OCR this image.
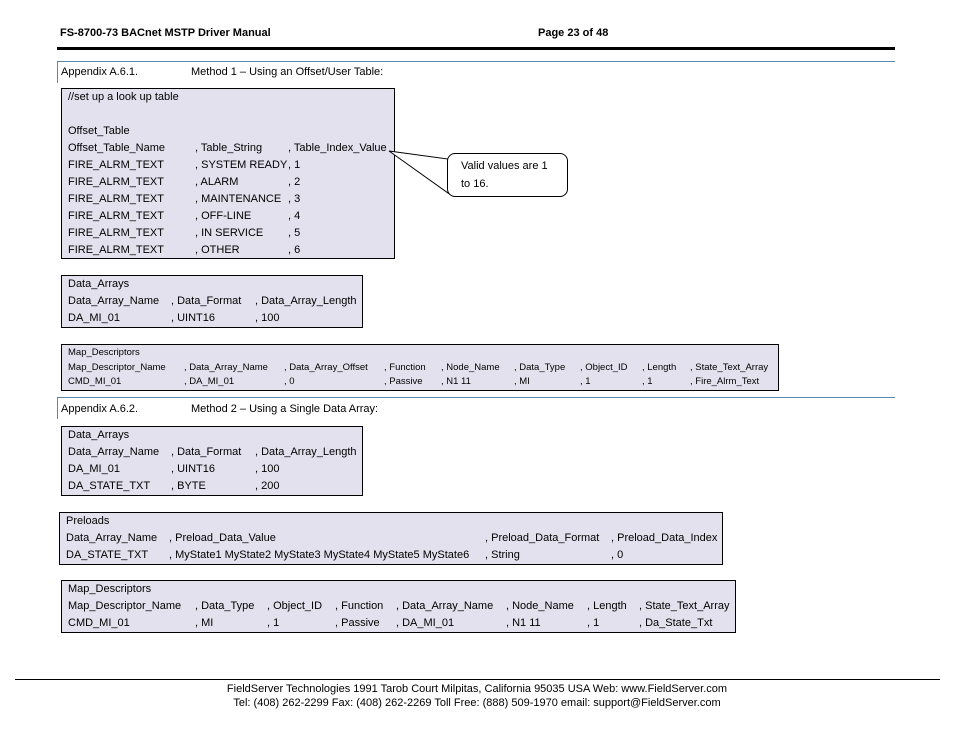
FS-8700-73 BACnet MSTP Driver Manual	Page 23 of 48
Appendix A.6.1.	Method 1 – Using an Offset/User Table:
//set up a look up table
Offset_Table
Offset_Table_Name	, Table_String , Table_Index_Value
FIRE_ALRM_TEXT	, SYSTEM READY , 1
FIRE_ALRM_TEXT	, ALARM	, 2
FIRE_ALRM_TEXT	, MAINTENANCE , 3
FIRE_ALRM_TEXT	, OFF-LINE	, 4
FIRE_ALRM_TEXT	, IN SERVICE , 5
FIRE_ALRM_TEXT	, OTHER	, 6
Valid values are 1
to 16.
Data_Arrays
Data_Array_Name , Data_Format , Data_Array_Length
DA_MI_01	, UINT16	, 100
Map_Descriptors
Map_Descriptor_Name , Data_Array_Name , Data_Array_Offset , Function , Node_Name , Data_Type , Object_ID , Length , State_Text_Array
CMD_MI_01	, DA_MI_01	, 0	, Passive , N1 11	, MI	, 1	, 1	, Fire_Alrm_Text
Appendix A.6.2.	Method 2 – Using a Single Data Array:
Data_Arrays
Data_Array_Name , Data_Format , Data_Array_Length
DA_MI_01	, UINT16	, 100
DA_STATE_TXT , BYTE	, 200
Preloads
Data_Array_Name , Preload_Data_Value	, Preload_Data_Format , Preload_Data_Index
DA_STATE_TXT , MyState1 MyState2 MyState3 MyState4 MyState5 MyState6 , String	, 0
Map_Descriptors
Map_Descriptor_Name , Data_Type , Object_ID , Function , Data_Array_Name , Node_Name , Length , State_Text_Array
CMD_MI_01	, MI	, 1	, Passive , DA_MI_01	, N1 11	, 1	, Da_State_Txt
FieldServer Technologies 1991 Tarob Court Milpitas, California 95035 USA Web: www.FieldServer.com
Tel: (408) 262-2299 Fax: (408) 262-2269 Toll Free: (888) 509-1970 email: support@FieldServer.com
